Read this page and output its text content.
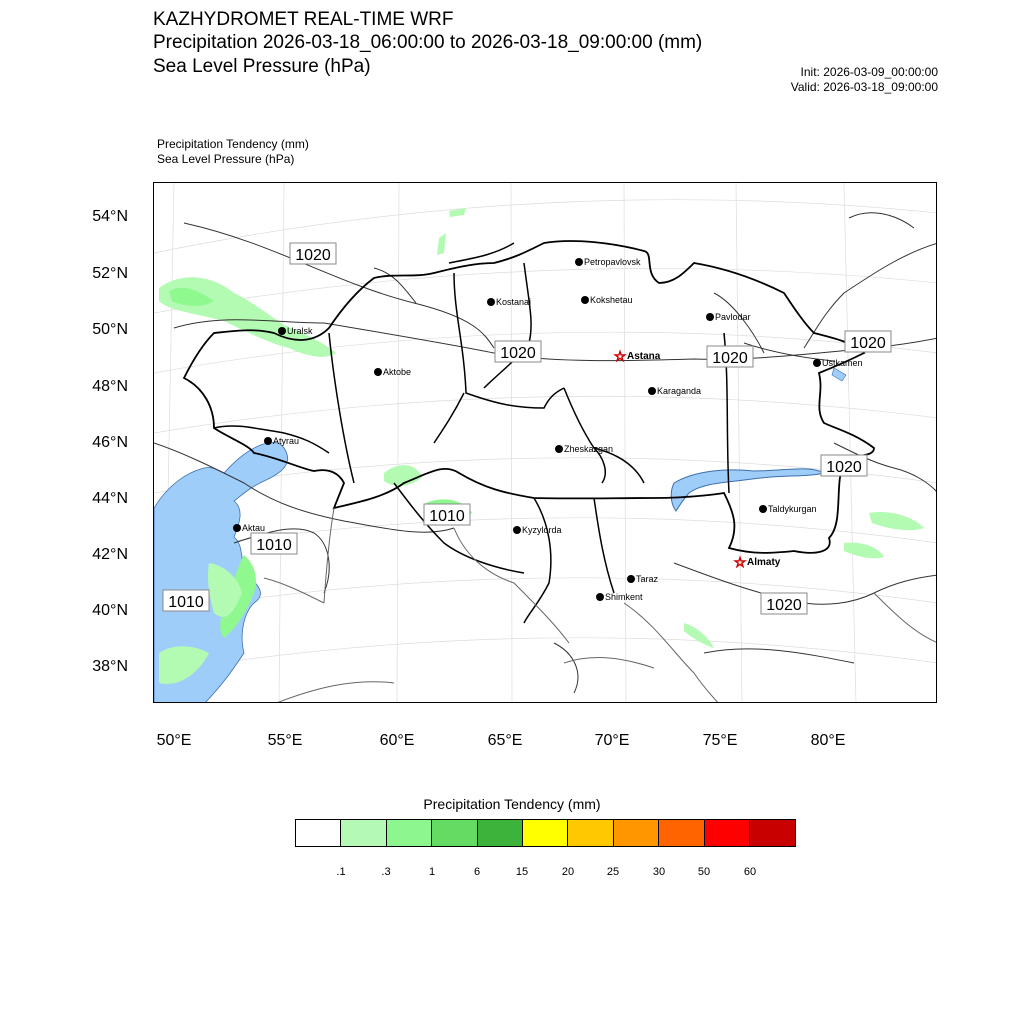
KAZHYDROMET REAL-TIME WRF
Precipitation 2026-03-18_06:00:00 to 2026-03-18_09:00:00 (mm)
Sea Level Pressure (hPa)	Init: 2026-03-09_00:00:00
Valid: 2026-03-18_09:00:00
Precipitation Tendency (mm)
Sea Level Pressure (hPa)
Petropavlovsk
Kostanai	Kokshetau
Uralsk
Pavlodar
☆ Astana
Aktobe
Ustkamen
Karaganda
Atyrau
Zheskazgan
Taldykurgan
Aktau	Kyzylorda
☆ Almaty
Taraz
Shimkent
1020
1020	1020
1020
1020
1020
1010
1010
1010
54°N
52°N
50°N
48°N
46°N
44°N
42°N
40°N
38°N
50°E	55°E	60°E	65°E	70°E	75°E	80°E
Precipitation Tendency (mm)
.1	.3	1	6	15	20	25	30	50	60
